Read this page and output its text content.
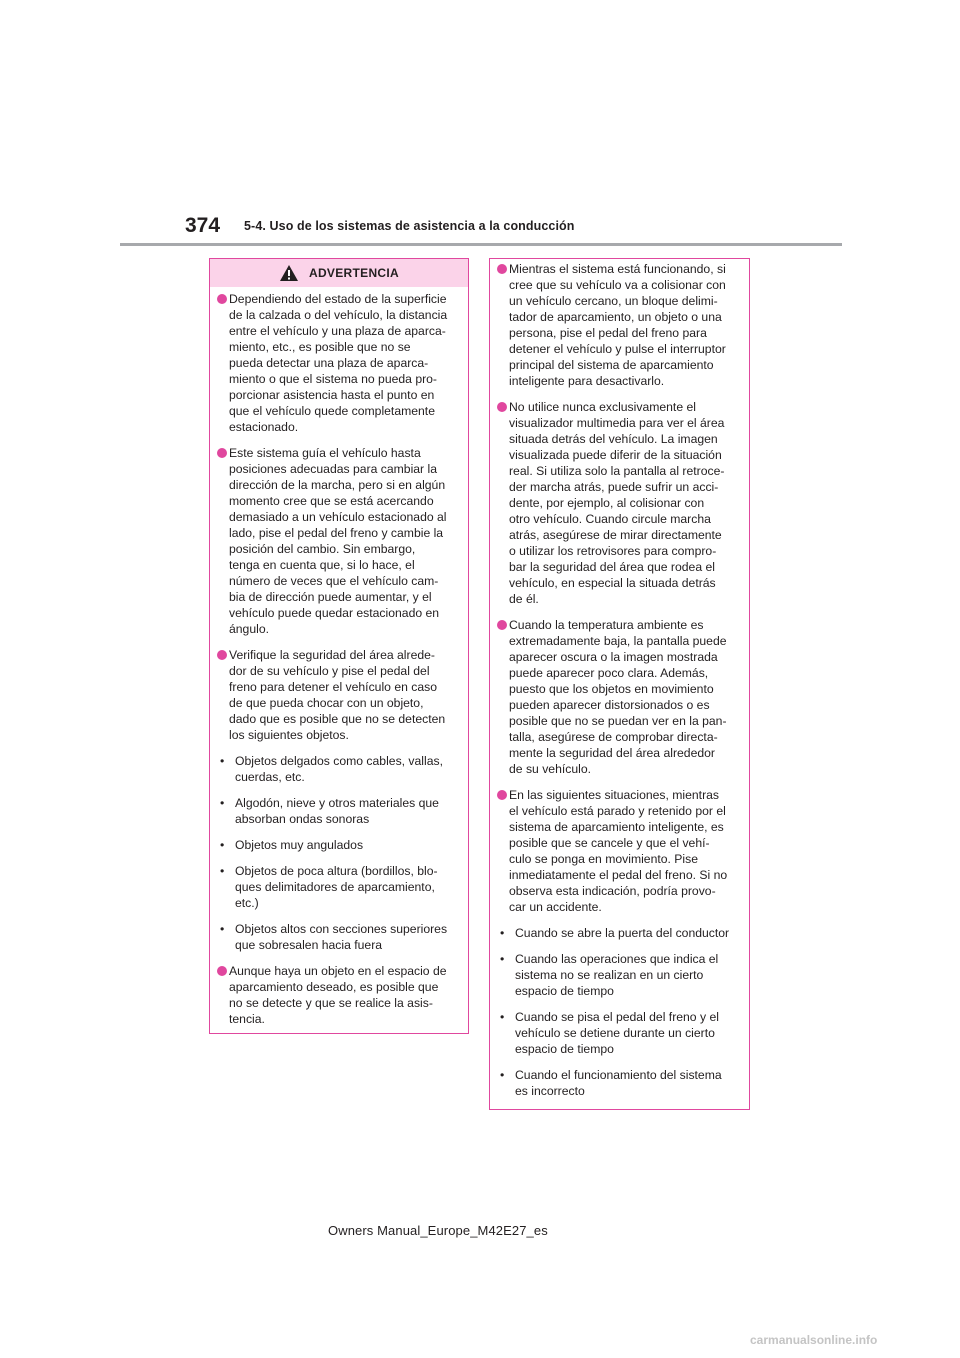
374 5-4. Uso de los sistemas de asistencia a la conducción
ADVERTENCIA
Dependiendo del estado de la superficie
de la calzada o del vehículo, la distancia
entre el vehículo y una plaza de aparca-
miento, etc., es posible que no se
pueda detectar una plaza de aparca-
miento o que el sistema no pueda pro-
porcionar asistencia hasta el punto en
que el vehículo quede completamente
estacionado.
Este sistema guía el vehículo hasta
posiciones adecuadas para cambiar la
dirección de la marcha, pero si en algún
momento cree que se está acercando
demasiado a un vehículo estacionado al
lado, pise el pedal del freno y cambie la
posición del cambio. Sin embargo,
tenga en cuenta que, si lo hace, el
número de veces que el vehículo cam-
bia de dirección puede aumentar, y el
vehículo puede quedar estacionado en
ángulo.
Verifique la seguridad del área alrede-
dor de su vehículo y pise el pedal del
freno para detener el vehículo en caso
de que pueda chocar con un objeto,
dado que es posible que no se detecten
los siguientes objetos.
• Objetos delgados como cables, vallas,
cuerdas, etc.
• Algodón, nieve y otros materiales que
absorban ondas sonoras
• Objetos muy angulados
• Objetos de poca altura (bordillos, blo-
ques delimitadores de aparcamiento,
etc.)
• Objetos altos con secciones superiores
que sobresalen hacia fuera
Aunque haya un objeto en el espacio de
aparcamiento deseado, es posible que
no se detecte y que se realice la asis-
tencia.
Mientras el sistema está funcionando, si
cree que su vehículo va a colisionar con
un vehículo cercano, un bloque delimi-
tador de aparcamiento, un objeto o una
persona, pise el pedal del freno para
detener el vehículo y pulse el interruptor
principal del sistema de aparcamiento
inteligente para desactivarlo.
No utilice nunca exclusivamente el
visualizador multimedia para ver el área
situada detrás del vehículo. La imagen
visualizada puede diferir de la situación
real. Si utiliza solo la pantalla al retroce-
der marcha atrás, puede sufrir un acci-
dente, por ejemplo, al colisionar con
otro vehículo. Cuando circule marcha
atrás, asegúrese de mirar directamente
o utilizar los retrovisores para compro-
bar la seguridad del área que rodea el
vehículo, en especial la situada detrás
de él.
Cuando la temperatura ambiente es
extremadamente baja, la pantalla puede
aparecer oscura o la imagen mostrada
puede aparecer poco clara. Además,
puesto que los objetos en movimiento
pueden aparecer distorsionados o es
posible que no se puedan ver en la pan-
talla, asegúrese de comprobar directa-
mente la seguridad del área alrededor
de su vehículo.
En las siguientes situaciones, mientras
el vehículo está parado y retenido por el
sistema de aparcamiento inteligente, es
posible que se cancele y que el vehí-
culo se ponga en movimiento. Pise
inmediatamente el pedal del freno. Si no
observa esta indicación, podría provo-
car un accidente.
• Cuando se abre la puerta del conductor
• Cuando las operaciones que indica el
sistema no se realizan en un cierto
espacio de tiempo
• Cuando se pisa el pedal del freno y el
vehículo se detiene durante un cierto
espacio de tiempo
• Cuando el funcionamiento del sistema
es incorrecto
Owners Manual_Europe_M42E27_es
carmanualsonline.info
